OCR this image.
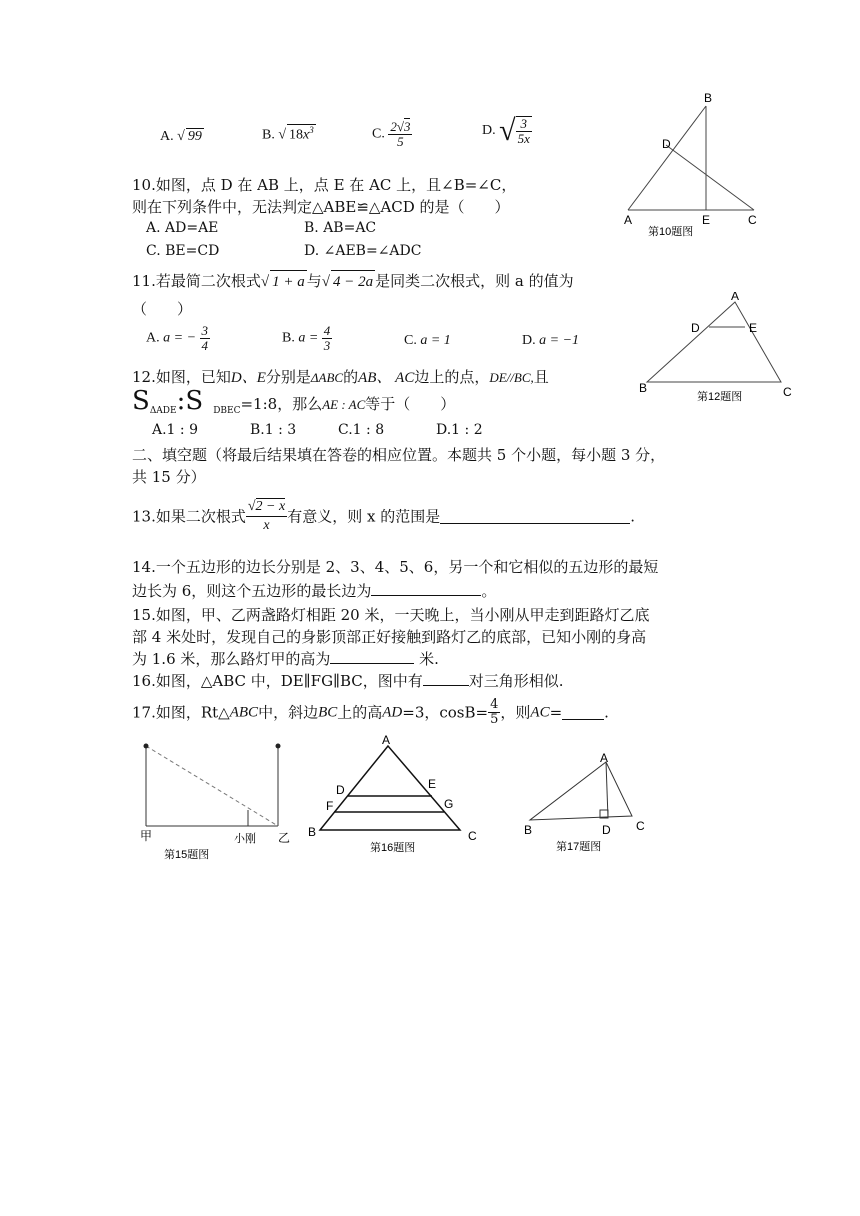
A. √ 99	B. √ $18x^3$	C. $\frac{2√3}{5}$	D. √ $\frac{3}{5x}$
10.如图，点 D 在 AB 上，点 E 在 AC 上，且∠B=∠C，
则在下列条件中，无法判定△ABE≌△ACD 的是（　　）
A. AD=AE	B. AB=AC
C. BE=CD	D. ∠AEB=∠ADC
B
D
A	E	C
第10题图
11.若最简二次根式√ 1 + a 与√ 4 − 2a 是同类二次根式，则 a 的值为
（　　）
A. a = − $\frac{3}{4}$	B. $a = \frac{4}{3}$	C. a = 1	D. a = −1
A
D	E
B	C
第12题图
12.如图，已知D、E分别是ΔABC的AB、 AC边上的点，DE//BC,且
$S_{\Delta ADE}:S$ $_{DBEC}$=1:8，那么AE : AC等于（　　）
A.1 : 9	B.1 : 3	C.1 : 8	D.1 : 2
二、填空题（将最后结果填在答卷的相应位置。本题共 5 个小题，每小题 3 分，
共 15 分）
13.如果二次根式 $\frac{√2 - x}{x}$ 有意义，则 x 的范围是	.
14.一个五边形的边长分别是 2、3、4、5、6，另一个和它相似的五边形的最短
边长为 6，则这个五边形的最长边为	。
15.如图，甲、乙两盏路灯相距 20 米，一天晚上，当小刚从甲走到距路灯乙底
部 4 米处时，发现自己的身影顶部正好接触到路灯乙的底部，已知小刚的身高
为 1.6 米，那么路灯甲的高为	米.
16.如图，△ABC 中，DE∥FG∥BC，图中有	对三角形相似.
17.如图，Rt△ABC中，斜边BC上的高AD=3，$\cos B= \frac{4}{5}$ ，则AC=	.
甲	小刚 乙
第15题图
A
D	E
F	G
B	C
第16题图
A
B	D C
第17题图
